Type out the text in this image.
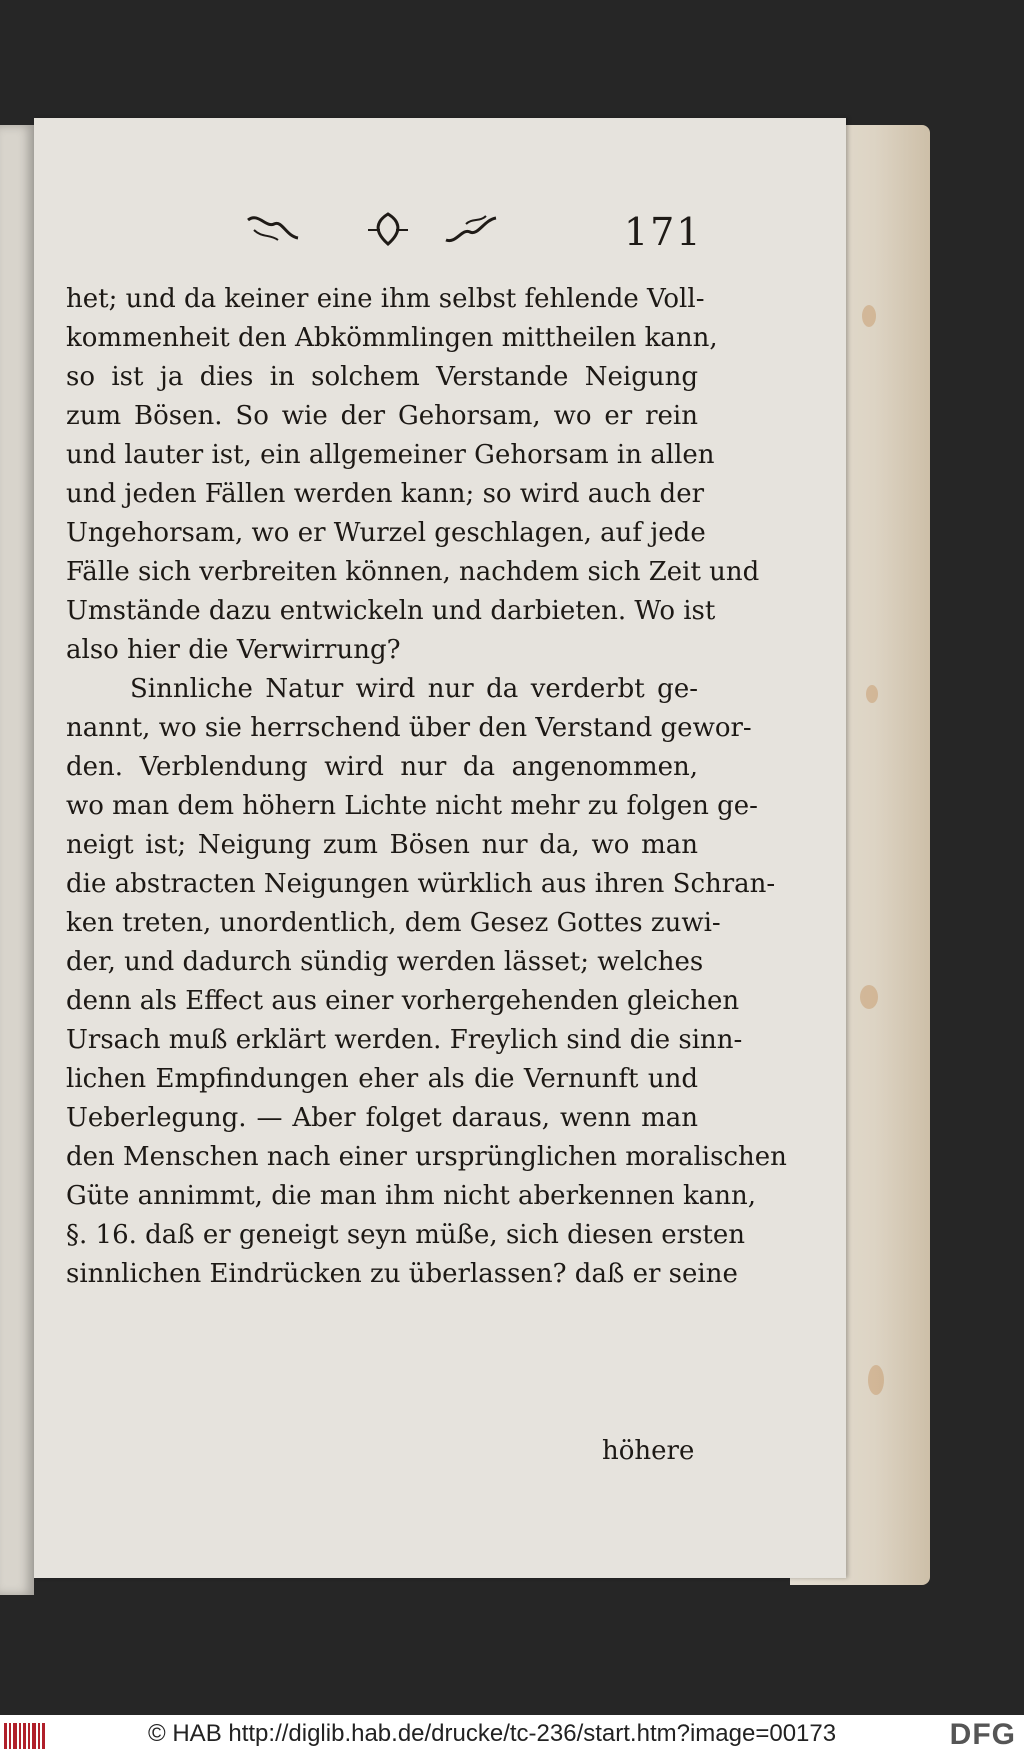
171
het; und da keiner eine ihm selbst fehlende Voll-
kommenheit den Abkömmlingen mittheilen kann,
so ist ja dies in solchem Verstande Neigung
zum Bösen. So wie der Gehorsam, wo er rein
und lauter ist, ein allgemeiner Gehorsam in allen
und jeden Fällen werden kann; so wird auch der
Ungehorsam, wo er Wurzel geschlagen, auf jede
Fälle sich verbreiten können, nachdem sich Zeit und
Umstände dazu entwickeln und darbieten. Wo ist
also hier die Verwirrung?
Sinnliche Natur wird nur da verderbt ge-
nannt, wo sie herrschend über den Verstand gewor-
den. Verblendung wird nur da angenommen,
wo man dem höhern Lichte nicht mehr zu folgen ge-
neigt ist; Neigung zum Bösen nur da, wo man
die abstracten Neigungen würklich aus ihren Schran-
ken treten, unordentlich, dem Gesez Gottes zuwi-
der, und dadurch sündig werden lässet; welches
denn als Effect aus einer vorhergehenden gleichen
Ursach muß erklärt werden. Freylich sind die sinn-
lichen Empfindungen eher als die Vernunft und
Ueberlegung. — Aber folget daraus, wenn man
den Menschen nach einer ursprünglichen moralischen
Güte annimmt, die man ihm nicht aberkennen kann,
§. 16. daß er geneigt seyn müße, sich diesen ersten
sinnlichen Eindrücken zu überlassen? daß er seine
höhere
© HAB http://diglib.hab.de/drucke/tc-236/start.htm?image=00173	DFG
